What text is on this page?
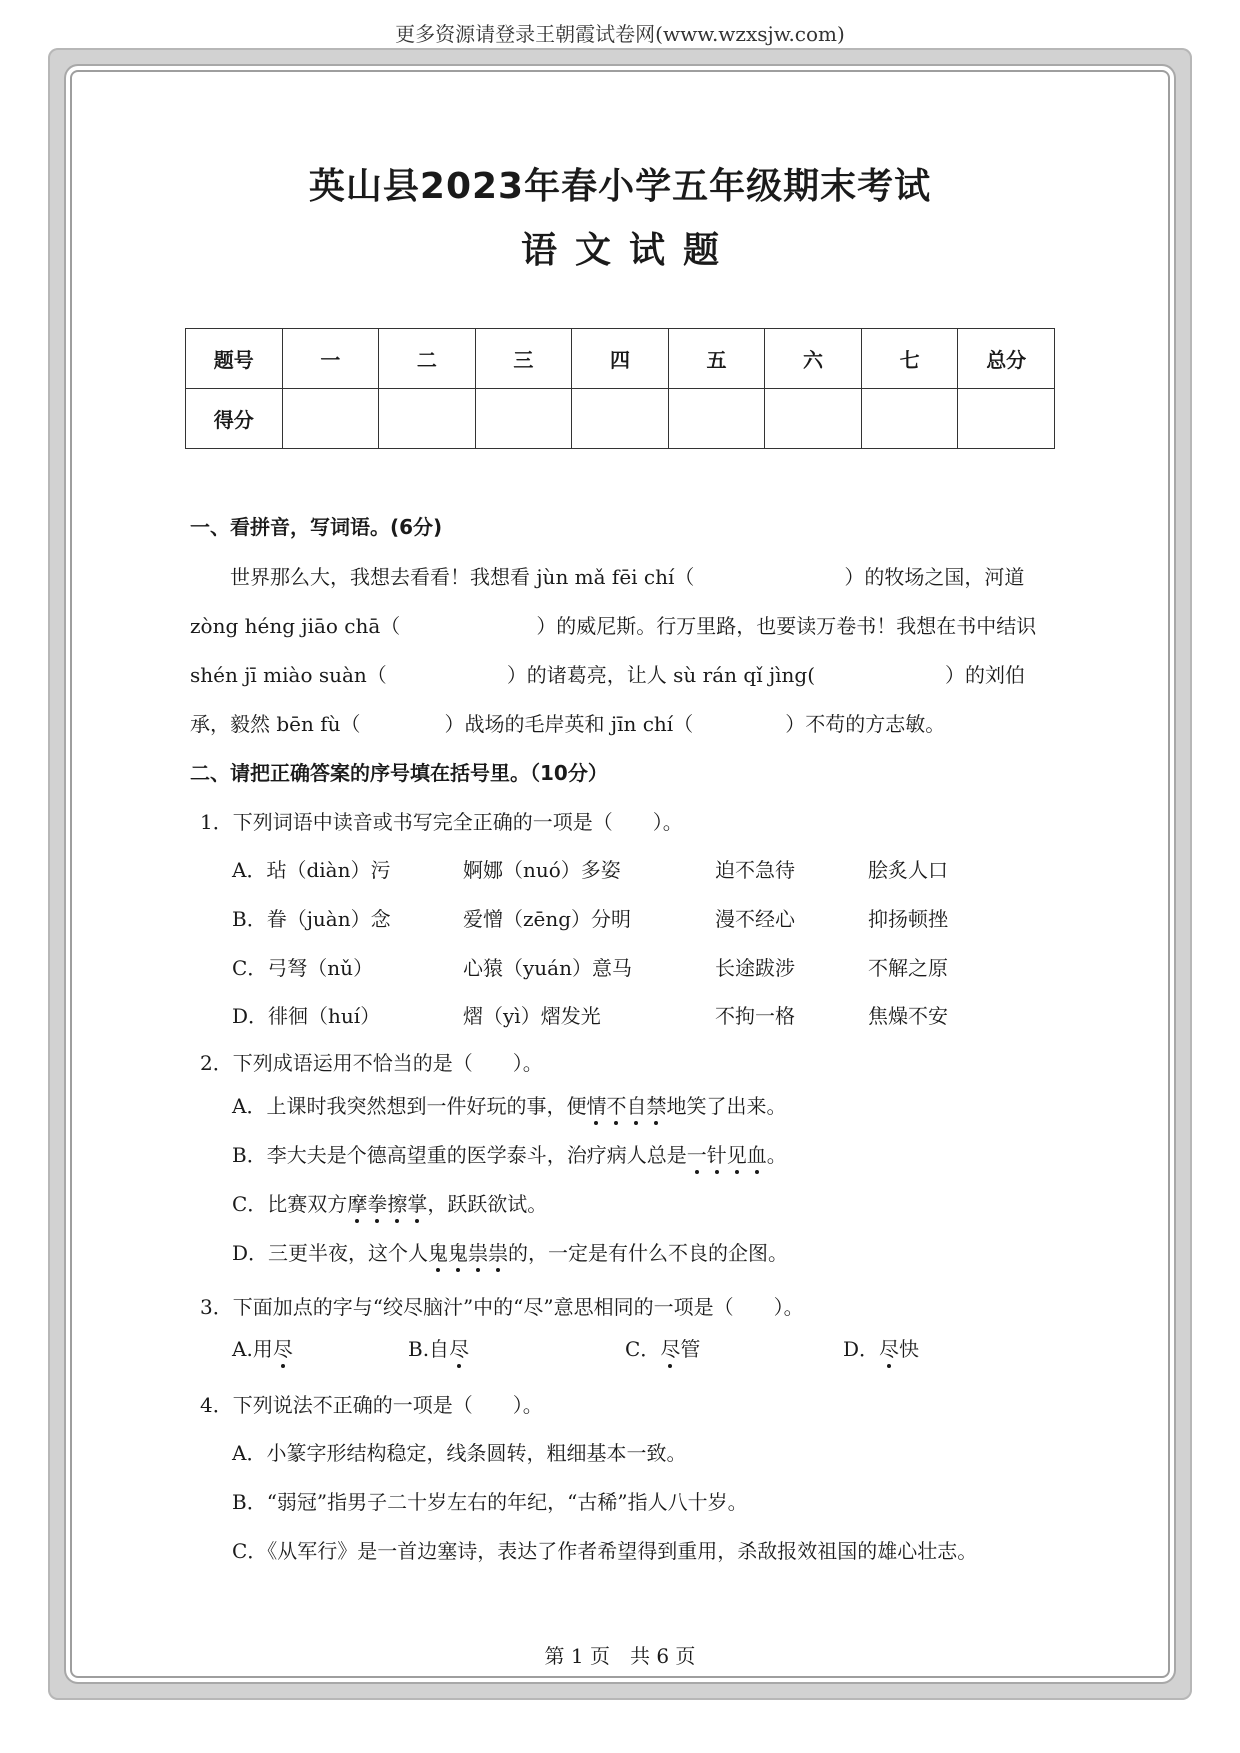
更多资源请登录王朝霞试卷网(www.wzxsjw.com)
英山县2023年春小学五年级期末考试
语文试题
题号	一	二	三	四	五	六	七	总分
得分								
一、看拼音，写词语。(6分)
世界那么大，我想去看看！我想看 jùn mǎ fēi chí（	）的牧场之国，河道
zòng héng jiāo chā（	）的威尼斯。行万里路，也要读万卷书！我想在书中结识
shén jī miào suàn（	）的诸葛亮，让人 sù rán qǐ jìng(	）的刘伯
承，毅然 bēn fù（	）战场的毛岸英和 jīn chí（	）不苟的方志敏。
二、请把正确答案的序号填在括号里。（10分）
1．下列词语中读音或书写完全正确的一项是（　　）。
A．玷（diàn）污	婀娜（nuó）多姿	迫不急待	脍炙人口
B．眷（juàn）念	爱憎（zēng）分明	漫不经心	抑扬顿挫
C．弓弩（nǔ）	心猿（yuán）意马	长途跋涉	不解之原
D．徘徊（huí）	熠（yì）熠发光	不拘一格	焦燥不安
2．下列成语运用不恰当的是（　　）。
A．上课时我突然想到一件好玩的事，便情不自禁地笑了出来。
B．李大夫是个德高望重的医学泰斗，治疗病人总是一针见血。
C．比赛双方摩拳擦掌，跃跃欲试。
D．三更半夜，这个人鬼鬼祟祟的，一定是有什么不良的企图。
3．下面加点的字与“绞尽脑汁”中的“尽”意思相同的一项是（　　）。
A.用尽	B.自尽	C．尽管	D．尽快
4．下列说法不正确的一项是（　　）。
A．小篆字形结构稳定，线条圆转，粗细基本一致。
B．“弱冠”指男子二十岁左右的年纪，“古稀”指人八十岁。
C．《从军行》是一首边塞诗，表达了作者希望得到重用，杀敌报效祖国的雄心壮志。
第 1 页　共 6 页
